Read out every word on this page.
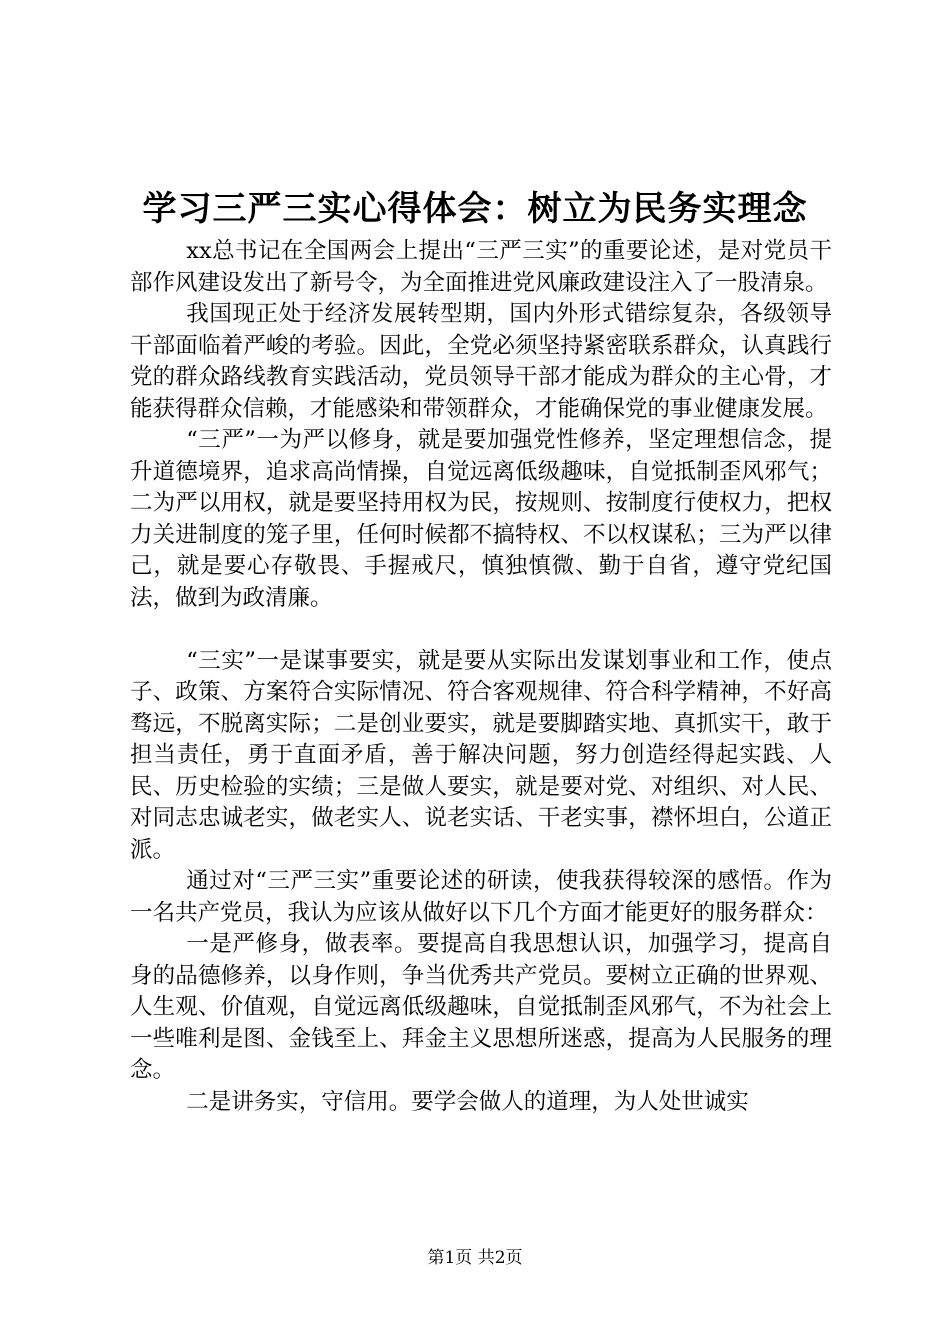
学习三严三实心得体会：树立为民务实理念

xx总书记在全国两会上提出“三严三实”的重要论述，是对党员干部作风建设发出了新号令，为全面推进党风廉政建设注入了一股清泉。

我国现正处于经济发展转型期，国内外形式错综复杂，各级领导干部面临着严峻的考验。因此，全党必须坚持紧密联系群众，认真践行党的群众路线教育实践活动，党员领导干部才能成为群众的主心骨，才能获得群众信赖，才能感染和带领群众，才能确保党的事业健康发展。

“三严”一为严以修身，就是要加强党性修养，坚定理想信念，提升道德境界，追求高尚情操，自觉远离低级趣味，自觉抵制歪风邪气；二为严以用权，就是要坚持用权为民，按规则、按制度行使权力，把权力关进制度的笼子里，任何时候都不搞特权、不以权谋私；三为严以律己，就是要心存敬畏、手握戒尺，慎独慎微、勤于自省，遵守党纪国法，做到为政清廉。

“三实”一是谋事要实，就是要从实际出发谋划事业和工作，使点子、政策、方案符合实际情况、符合客观规律、符合科学精神，不好高骛远，不脱离实际；二是创业要实，就是要脚踏实地、真抓实干，敢于担当责任，勇于直面矛盾，善于解决问题，努力创造经得起实践、人民、历史检验的实绩；三是做人要实，就是要对党、对组织、对人民、对同志忠诚老实，做老实人、说老实话、干老实事，襟怀坦白，公道正派。

通过对“三严三实”重要论述的研读，使我获得较深的感悟。作为一名共产党员，我认为应该从做好以下几个方面才能更好的服务群众：

一是严修身，做表率。要提高自我思想认识，加强学习，提高自身的品德修养，以身作则，争当优秀共产党员。要树立正确的世界观、人生观、价值观，自觉远离低级趣味，自觉抵制歪风邪气，不为社会上一些唯利是图、金钱至上、拜金主义思想所迷惑，提高为人民服务的理念。

二是讲务实，守信用。要学会做人的道理，为人处世诚实

第1页 共2页
